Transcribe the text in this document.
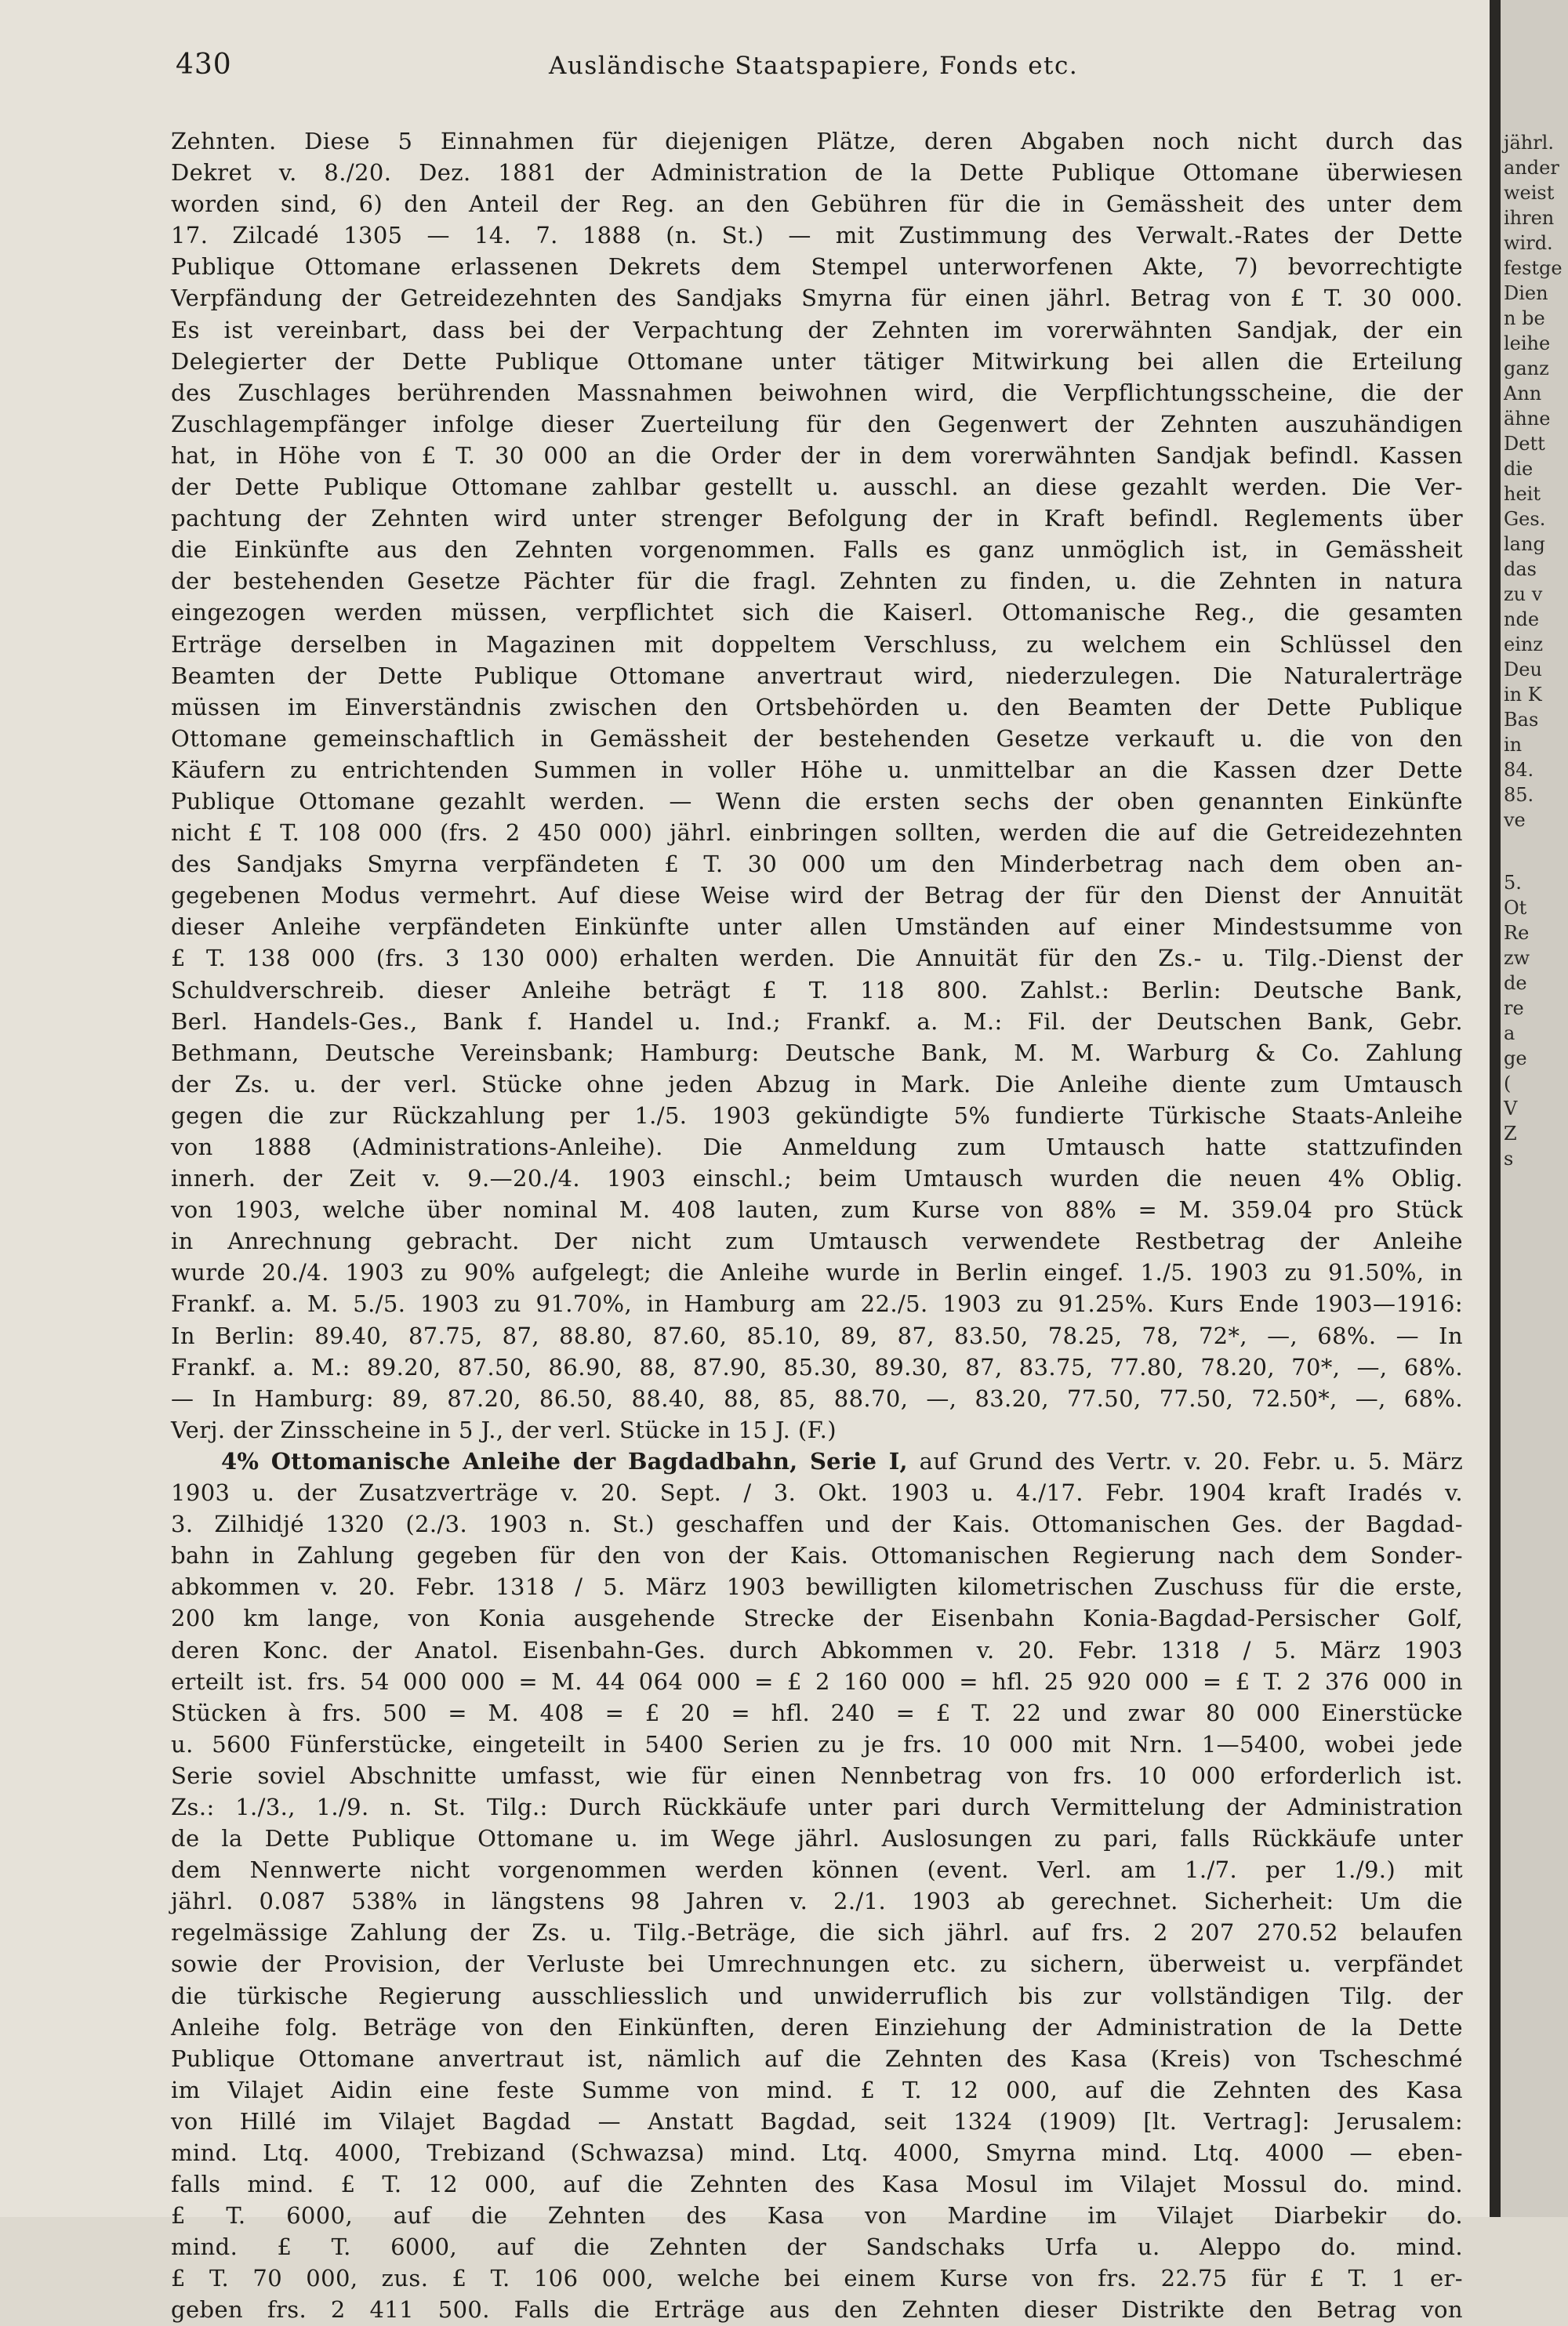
430	Ausländische Staatspapiere, Fonds etc.
Zehnten. Diese 5 Einnahmen für diejenigen Plätze, deren Abgaben noch nicht durch das
Dekret v. 8./20. Dez. 1881 der Administration de la Dette Publique Ottomane überwiesen
worden sind, 6) den Anteil der Reg. an den Gebühren für die in Gemässheit des unter dem
17. Zilcadé 1305 — 14. 7. 1888 (n. St.) — mit Zustimmung des Verwalt.-Rates der Dette
Publique Ottomane erlassenen Dekrets dem Stempel unterworfenen Akte, 7) bevorrechtigte
Verpfändung der Getreidezehnten des Sandjaks Smyrna für einen jährl. Betrag von £ T. 30 000.
Es ist vereinbart, dass bei der Verpachtung der Zehnten im vorerwähnten Sandjak, der ein
Delegierter der Dette Publique Ottomane unter tätiger Mitwirkung bei allen die Erteilung
des Zuschlages berührenden Massnahmen beiwohnen wird, die Verpflichtungsscheine, die der
Zuschlagempfänger infolge dieser Zuerteilung für den Gegenwert der Zehnten auszuhändigen
hat, in Höhe von £ T. 30 000 an die Order der in dem vorerwähnten Sandjak befindl. Kassen
der Dette Publique Ottomane zahlbar gestellt u. ausschl. an diese gezahlt werden. Die Ver-
pachtung der Zehnten wird unter strenger Befolgung der in Kraft befindl. Reglements über
die Einkünfte aus den Zehnten vorgenommen. Falls es ganz unmöglich ist, in Gemässheit
der bestehenden Gesetze Pächter für die fragl. Zehnten zu finden, u. die Zehnten in natura
eingezogen werden müssen, verpflichtet sich die Kaiserl. Ottomanische Reg., die gesamten
Erträge derselben in Magazinen mit doppeltem Verschluss, zu welchem ein Schlüssel den
Beamten der Dette Publique Ottomane anvertraut wird, niederzulegen. Die Naturalerträge
müssen im Einverständnis zwischen den Ortsbehörden u. den Beamten der Dette Publique
Ottomane gemeinschaftlich in Gemässheit der bestehenden Gesetze verkauft u. die von den
Käufern zu entrichtenden Summen in voller Höhe u. unmittelbar an die Kassen dzer Dette
Publique Ottomane gezahlt werden. — Wenn die ersten sechs der oben genannten Einkünfte
nicht £ T. 108 000 (frs. 2 450 000) jährl. einbringen sollten, werden die auf die Getreidezehnten
des Sandjaks Smyrna verpfändeten £ T. 30 000 um den Minderbetrag nach dem oben an-
gegebenen Modus vermehrt. Auf diese Weise wird der Betrag der für den Dienst der Annuität
dieser Anleihe verpfändeten Einkünfte unter allen Umständen auf einer Mindestsumme von
£ T. 138 000 (frs. 3 130 000) erhalten werden. Die Annuität für den Zs.- u. Tilg.-Dienst der
Schuldverschreib. dieser Anleihe beträgt £ T. 118 800. Zahlst.: Berlin: Deutsche Bank,
Berl. Handels-Ges., Bank f. Handel u. Ind.; Frankf. a. M.: Fil. der Deutschen Bank, Gebr.
Bethmann, Deutsche Vereinsbank; Hamburg: Deutsche Bank, M. M. Warburg & Co. Zahlung
der Zs. u. der verl. Stücke ohne jeden Abzug in Mark. Die Anleihe diente zum Umtausch
gegen die zur Rückzahlung per 1./5. 1903 gekündigte 5% fundierte Türkische Staats-Anleihe
von 1888 (Administrations-Anleihe). Die Anmeldung zum Umtausch hatte stattzufinden
innerh. der Zeit v. 9.—20./4. 1903 einschl.; beim Umtausch wurden die neuen 4% Oblig.
von 1903, welche über nominal M. 408 lauten, zum Kurse von 88% = M. 359.04 pro Stück
in Anrechnung gebracht. Der nicht zum Umtausch verwendete Restbetrag der Anleihe
wurde 20./4. 1903 zu 90% aufgelegt; die Anleihe wurde in Berlin eingef. 1./5. 1903 zu 91.50%, in
Frankf. a. M. 5./5. 1903 zu 91.70%, in Hamburg am 22./5. 1903 zu 91.25%. Kurs Ende 1903—1916:
In Berlin: 89.40, 87.75, 87, 88.80, 87.60, 85.10, 89, 87, 83.50, 78.25, 78, 72*, —, 68%. — In
Frankf. a. M.: 89.20, 87.50, 86.90, 88, 87.90, 85.30, 89.30, 87, 83.75, 77.80, 78.20, 70*, —, 68%.
— In Hamburg: 89, 87.20, 86.50, 88.40, 88, 85, 88.70, —, 83.20, 77.50, 77.50, 72.50*, —, 68%.
Verj. der Zinsscheine in 5 J., der verl. Stücke in 15 J. (F.)
4% Ottomanische Anleihe der Bagdadbahn, Serie I, auf Grund des Vertr. v. 20. Febr. u. 5. März
1903 u. der Zusatzverträge v. 20. Sept. / 3. Okt. 1903 u. 4./17. Febr. 1904 kraft Iradés v.
3. Zilhidjé 1320 (2./3. 1903 n. St.) geschaffen und der Kais. Ottomanischen Ges. der Bagdad-
bahn in Zahlung gegeben für den von der Kais. Ottomanischen Regierung nach dem Sonder-
abkommen v. 20. Febr. 1318 / 5. März 1903 bewilligten kilometrischen Zuschuss für die erste,
200 km lange, von Konia ausgehende Strecke der Eisenbahn Konia-Bagdad-Persischer Golf,
deren Konc. der Anatol. Eisenbahn-Ges. durch Abkommen v. 20. Febr. 1318 / 5. März 1903
erteilt ist. frs. 54 000 000 = M. 44 064 000 = £ 2 160 000 = hfl. 25 920 000 = £ T. 2 376 000 in
Stücken à frs. 500 = M. 408 = £ 20 = hfl. 240 = £ T. 22 und zwar 80 000 Einerstücke
u. 5600 Fünferstücke, eingeteilt in 5400 Serien zu je frs. 10 000 mit Nrn. 1—5400, wobei jede
Serie soviel Abschnitte umfasst, wie für einen Nennbetrag von frs. 10 000 erforderlich ist.
Zs.: 1./3., 1./9. n. St. Tilg.: Durch Rückkäufe unter pari durch Vermittelung der Administration
de la Dette Publique Ottomane u. im Wege jährl. Auslosungen zu pari, falls Rückkäufe unter
dem Nennwerte nicht vorgenommen werden können (event. Verl. am 1./7. per 1./9.) mit
jährl. 0.087 538% in längstens 98 Jahren v. 2./1. 1903 ab gerechnet. Sicherheit: Um die
regelmässige Zahlung der Zs. u. Tilg.-Beträge, die sich jährl. auf frs. 2 207 270.52 belaufen
sowie der Provision, der Verluste bei Umrechnungen etc. zu sichern, überweist u. verpfändet
die türkische Regierung ausschliesslich und unwiderruflich bis zur vollständigen Tilg. der
Anleihe folg. Beträge von den Einkünften, deren Einziehung der Administration de la Dette
Publique Ottomane anvertraut ist, nämlich auf die Zehnten des Kasa (Kreis) von Tscheschmé
im Vilajet Aidin eine feste Summe von mind. £ T. 12 000, auf die Zehnten des Kasa
von Hillé im Vilajet Bagdad — Anstatt Bagdad, seit 1324 (1909) [lt. Vertrag]: Jerusalem:
mind. Ltq. 4000, Trebizand (Schwazsa) mind. Ltq. 4000, Smyrna mind. Ltq. 4000 — eben-
falls mind. £ T. 12 000, auf die Zehnten des Kasa Mosul im Vilajet Mossul do. mind.
£ T. 6000, auf die Zehnten des Kasa von Mardine im Vilajet Diarbekir do.
mind. £ T. 6000, auf die Zehnten der Sandschaks Urfa u. Aleppo do. mind.
£ T. 70 000, zus. £ T. 106 000, welche bei einem Kurse von frs. 22.75 für £ T. 1 er-
geben frs. 2 411 500. Falls die Erträge aus den Zehnten dieser Distrikte den Betrag von
jährl.
ander
weist
ihren
wird.
festge
Dien
n be
leihe
ganz
Ann
ähne
Dett
die
heit
Ges.
lang
das
zu v
nde
einz
Deu
in K
Bas
in
84.
85.
ve
5.
Ot
Re
zw
de
re
a
ge
(
V
Z
s
